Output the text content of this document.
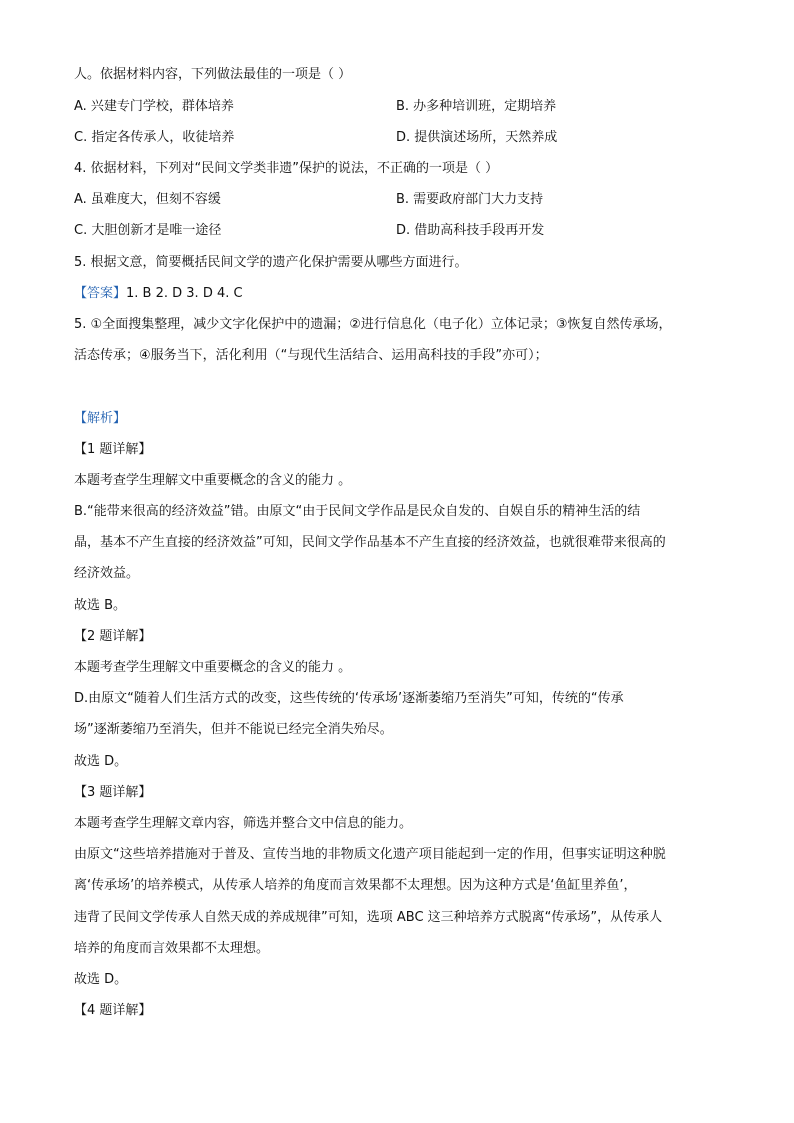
人。依据材料内容，下列做法最佳的一项是（ ）
A. 兴建专门学校，群体培养	B. 办多种培训班，定期培养
C. 指定各传承人，收徒培养	D. 提供演述场所，天然养成
4. 依据材料，下列对“民间文学类非遗”保护的说法，不正确的一项是（ ）
A. 虽难度大，但刻不容缓	B. 需要政府部门大力支持
C. 大胆创新才是唯一途径	D. 借助高科技手段再开发
5. 根据文意，简要概括民间文学的遗产化保护需要从哪些方面进行。
【答案】1. B 2. D 3. D 4. C
5. ①全面搜集整理，减少文字化保护中的遗漏；②进行信息化（电子化）立体记录；③恢复自然传承场，
活态传承；④服务当下，活化利用（“与现代生活结合、运用高科技的手段”亦可）；
【解析】
【1 题详解】
本题考查学生理解文中重要概念的含义的能力 。
B.“能带来很高的经济效益”错。由原文“由于民间文学作品是民众自发的、自娱自乐的精神生活的结
晶，基本不产生直接的经济效益”可知，民间文学作品基本不产生直接的经济效益，也就很难带来很高的
经济效益。
故选 B。
【2 题详解】
本题考查学生理解文中重要概念的含义的能力 。
D.由原文“随着人们生活方式的改变，这些传统的‘传承场’逐渐萎缩乃至消失”可知，传统的“传承
场”逐渐萎缩乃至消失，但并不能说已经完全消失殆尽。
故选 D。
【3 题详解】
本题考查学生理解文章内容，筛选并整合文中信息的能力。
由原文“这些培养措施对于普及、宣传当地的非物质文化遗产项目能起到一定的作用，但事实证明这种脱
离‘传承场’的培养模式，从传承人培养的角度而言效果都不太理想。因为这种方式是‘鱼缸里养鱼’，
违背了民间文学传承人自然天成的养成规律”可知，选项 ABC 这三种培养方式脱离“传承场”，从传承人
培养的角度而言效果都不太理想。
故选 D。
【4 题详解】
